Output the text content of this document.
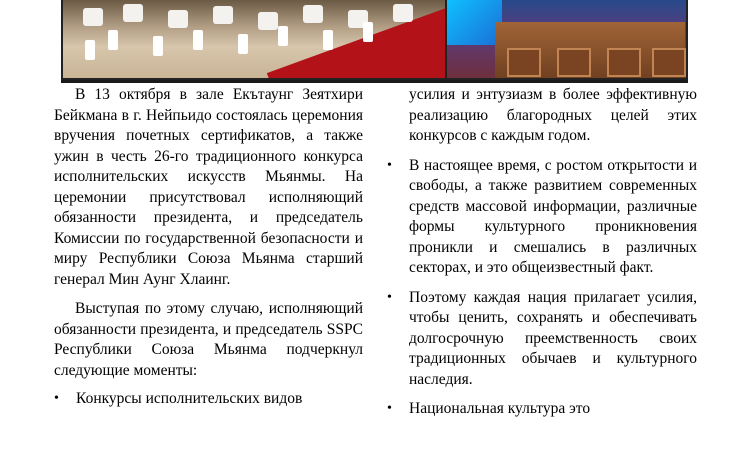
В 13 октября в зале Екътаунг Зеятхири Бейкмана в г. Нейпьидо состоялась церемония вручения почетных сертификатов, а также ужин в честь 26-го традиционного конкурса исполнительских искусств Мьянмы. На церемонии присутствовал исполняющий обязанности президента, и председатель Комиссии по государственной безопасности и миру Республики Союза Мьянма старший генерал Мин Аунг Хлаинг.

Выступая по этому случаю, исполняющий обязанности президента, и председатель SSPC Республики Союза Мьянма подчеркнул следующие моменты:

• Конкурсы исполнительских видов

усилия и энтузиазм в более эффективную реализацию благородных целей этих конкурсов с каждым годом.

• В настоящее время, с ростом открытости и свободы, а также развитием современных средств массовой информации, различные формы культурного проникновения проникли и смешались в различных секторах, и это общеизвестный факт.

• Поэтому каждая нация прилагает усилия, чтобы ценить, сохранять и обеспечивать долгосрочную преемственность своих традиционных обычаев и культурного наследия.

• Национальная культура это
